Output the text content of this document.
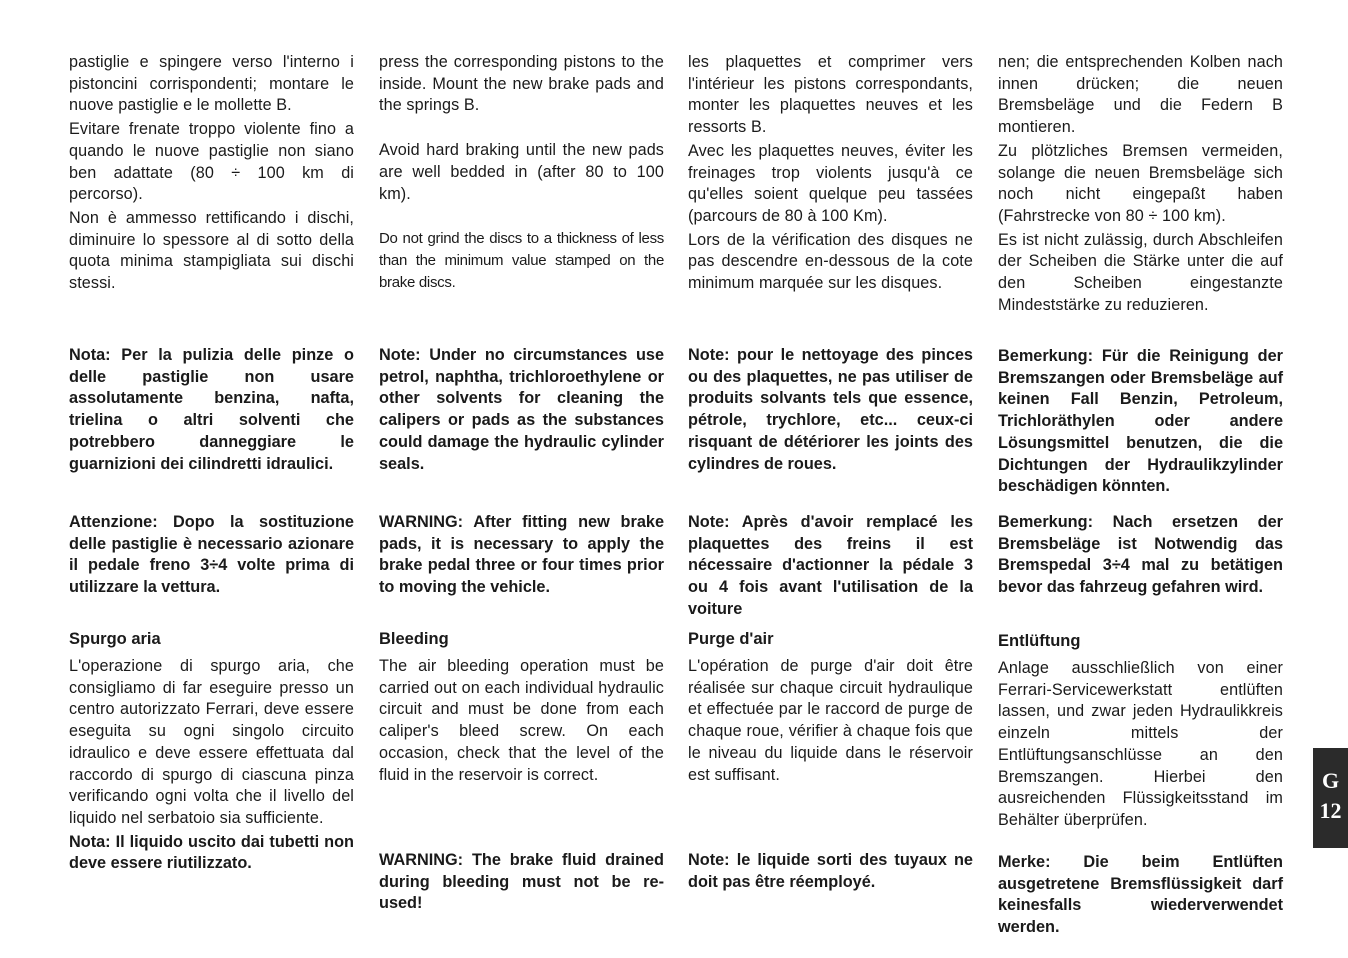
pastiglie e spingere verso l'interno i pistoncini corrispondenti; montare le nuove pastiglie e le mollette B.

Evitare frenate troppo violente fino a quando le nuove pastiglie non siano ben adattate (80 ÷ 100 km di percorso).

Non è ammesso rettificando i dischi, diminuire lo spessore al di sotto della quota minima stampigliata sui dischi stessi.

Nota: Per la pulizia delle pinze o delle pastiglie non usare assolutamente benzina, nafta, trielina o altri solventi che potrebbero danneggiare le guarnizioni dei cilindretti idraulici.

Attenzione: Dopo la sostituzione delle pastiglie è necessario azionare il pedale freno 3÷4 volte prima di utilizzare la vettura.

Spurgo aria

L'operazione di spurgo aria, che consigliamo di far eseguire presso un centro autorizzato Ferrari, deve essere eseguita su ogni singolo circuito idraulico e deve essere effettuata dal raccordo di spurgo di ciascuna pinza verificando ogni volta che il livello del liquido nel serbatoio sia sufficiente.

Nota: Il liquido uscito dai tubetti non deve essere riutilizzato.

press the corresponding pistons to the inside. Mount the new brake pads and the springs B.

Avoid hard braking until the new pads are well bedded in (after 80 to 100 km).

Do not grind the discs to a thickness of less than the minimum value stamped on the brake discs.

Note: Under no circumstances use petrol, naphtha, trichloroethylene or other solvents for cleaning the calipers or pads as the substances could damage the hydraulic cylinder seals.

WARNING: After fitting new brake pads, it is necessary to apply the brake pedal three or four times prior to moving the vehicle.

Bleeding

The air bleeding operation must be carried out on each individual hydraulic circuit and must be done from each caliper's bleed screw. On each occasion, check that the level of the fluid in the reservoir is correct.

WARNING: The brake fluid drained during bleeding must not be re-used!

les plaquettes et comprimer vers l'intérieur les pistons correspondants, monter les plaquettes neuves et les ressorts B.

Avec les plaquettes neuves, éviter les freinages trop violents jusqu'à ce qu'elles soient quelque peu tassées (parcours de 80 à 100 Km).

Lors de la vérification des disques ne pas descendre en-dessous de la cote minimum marquée sur les disques.

Note: pour le nettoyage des pinces ou des plaquettes, ne pas utiliser de produits solvants tels que essence, pétrole, trychlore, etc... ceux-ci risquant de détériorer les joints des cylindres de roues.

Note: Après d'avoir remplacé les plaquettes des freins il est nécessaire d'actionner la pédale 3 ou 4 fois avant l'utilisation de la voiture

Purge d'air

L'opération de purge d'air doit être réalisée sur chaque circuit hydraulique et effectuée par le raccord de purge de chaque roue, vérifier à chaque fois que le niveau du liquide dans le réservoir est suffisant.

Note: le liquide sorti des tuyaux ne doit pas être réemployé.

nen; die entsprechenden Kolben nach innen drücken; die neuen Bremsbeläge und die Federn B montieren.

Zu plötzliches Bremsen vermeiden, solange die neuen Bremsbeläge sich noch nicht eingepaßt haben (Fahrstrecke von 80 ÷ 100 km).

Es ist nicht zulässig, durch Abschleifen der Scheiben die Stärke unter die auf den Scheiben eingestanzte Mindeststärke zu reduzieren.

Bemerkung: Für die Reinigung der Bremszangen oder Bremsbeläge auf keinen Fall Benzin, Petroleum, Trichloräthylen oder andere Lösungsmittel benutzen, die die Dichtungen der Hydraulikzylinder beschädigen könnten.

Bemerkung: Nach ersetzen der Bremsbeläge ist Notwendig das Bremspedal 3÷4 mal zu betätigen bevor das fahrzeug gefahren wird.

Entlüftung

Anlage ausschließlich von einer Ferrari-Servicewerkstatt entlüften lassen, und zwar jeden Hydraulikkreis einzeln mittels der Entlüftungsanschlüsse an den Bremszangen. Hierbei den ausreichenden Flüssigkeitsstand im Behälter überprüfen.

Merke: Die beim Entlüften ausgetretene Bremsflüssigkeit darf keinesfalls wiederverwendet werden.

G
12
